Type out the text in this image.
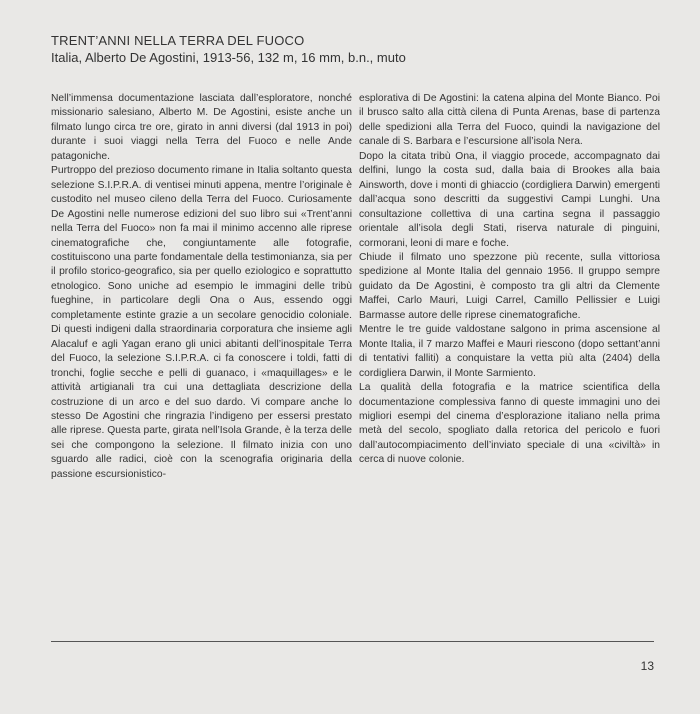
TRENT’ANNI NELLA TERRA DEL FUOCO
Italia, Alberto De Agostini, 1913-56, 132 m, 16 mm, b.n., muto

Nell’immensa documentazione lasciata dall’esploratore, nonché missionario salesiano, Alberto M. De Agostini, esiste anche un filmato lungo circa tre ore, girato in anni diversi (dal 1913 in poi) durante i suoi viaggi nella Terra del Fuoco e nelle Ande patagoniche.

Purtroppo del prezioso documento rimane in Italia soltanto questa selezione S.I.P.R.A. di ventisei minuti appena, mentre l’originale è custodito nel museo cileno della Terra del Fuoco. Curiosamente De Agostini nelle numerose edizioni del suo libro sui «Trent’anni nella Terra del Fuoco» non fa mai il minimo accenno alle riprese cinematografiche che, congiuntamente alle fotografie, costituiscono una parte fondamentale della testimonianza, sia per il profilo storico-geografico, sia per quello eziologico e soprattutto etnologico. Sono uniche ad esempio le immagini delle tribù fueghine, in particolare degli Ona o Aus, essendo oggi completamente estinte grazie a un secolare genocidio coloniale. Di questi indigeni dalla straordinaria corporatura che insieme agli Alacaluf e agli Yagan erano gli unici abitanti dell’inospitale Terra del Fuoco, la selezione S.I.P.R.A. ci fa conoscere i toldi, fatti di tronchi, foglie secche e pelli di guanaco, i «maquillages» e le attività artigianali tra cui una dettagliata descrizione della costruzione di un arco e del suo dardo. Vi compare anche lo stesso De Agostini che ringrazia l’indigeno per essersi prestato alle riprese. Questa parte, girata nell’Isola Grande, è la terza delle sei che compongono la selezione. Il filmato inizia con uno sguardo alle radici, cioè con la scenografia originaria della passione escursionistico-

esplorativa di De Agostini: la catena alpina del Monte Bianco. Poi il brusco salto alla città cilena di Punta Arenas, base di partenza delle spedizioni alla Terra del Fuoco, quindi la navigazione del canale di S. Barbara e l’escursione all’isola Nera.

Dopo la citata tribù Ona, il viaggio procede, accompagnato dai delfini, lungo la costa sud, dalla baia di Brookes alla baia Ainsworth, dove i monti di ghiaccio (cordigliera Darwin) emergenti dall’acqua sono descritti da suggestivi Campi Lunghi. Una consultazione collettiva di una cartina segna il passaggio orientale all’isola degli Stati, riserva naturale di pinguini, cormorani, leoni di mare e foche.

Chiude il filmato uno spezzone più recente, sulla vittoriosa spedizione al Monte Italia del gennaio 1956. Il gruppo sempre guidato da De Agostini, è composto tra gli altri da Clemente Maffei, Carlo Mauri, Luigi Carrel, Camillo Pellissier e Luigi Barmasse autore delle riprese cinematografiche.

Mentre le tre guide valdostane salgono in prima ascensione al Monte Italia, il 7 marzo Maffei e Mauri riescono (dopo settant’anni di tentativi falliti) a conquistare la vetta più alta (2404) della cordigliera Darwin, il Monte Sarmiento.

La qualità della fotografia e la matrice scientifica della documentazione complessiva fanno di queste immagini uno dei migliori esempi del cinema d’esplorazione italiano nella prima metà del secolo, spogliato dalla retorica del pericolo e fuori dall’autocompiacimento dell’inviato speciale di una «civiltà» in cerca di nuove colonie.

13
